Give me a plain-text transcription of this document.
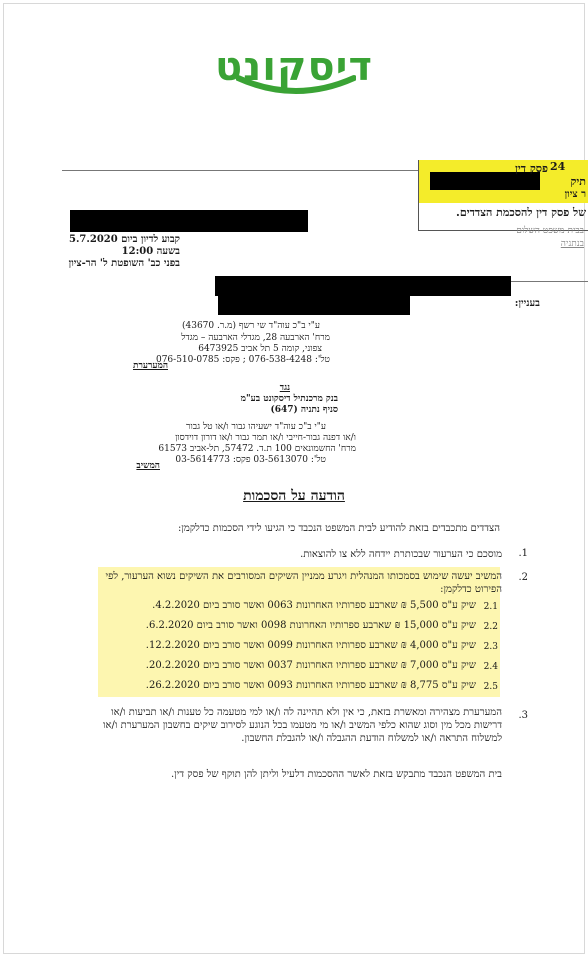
דיסקונט
24
פסק דין
תיק
ר ציון
של פסק דין להסכמת הצדדים.
בבית משפט השלום
בנתניה
קבוע לדיון ביום 5.7.2020
בשעה 12:00
בפני כב' השופטת ל' הר-ציון
בעניין:
ע"י ב"כ עוה"ד שי רשף (מ.ר. 43670)
מרח' הארבעה 28, מגדלי הארבעה – מגדל
צפוני, קומה 5 תל אביב 6473925
טל': 076-538-4248 ; פקס: 076-510-0785
המערערת
נגד
בנק מרכנתיל דיסקונט בע"מ
סניף נתניה (647)
ע"י ב"כ עוה"ד ישעיהו גבור ו/או טל גבור
ו/או דפנה גבור-חייבי ו/או תמר גבור ו/או דורון דוידסון
מרח' החשמונאים 100 ת.ד. 57472, תל-אביב 61573
טל': 03-5613070 פקס: 03-5614773
המשיב
הודעה על הסכמות
הצדדים מתכבדים בזאת להודיע לבית המשפט הנכבד כי הגיעו לידי הסכמות כדלקמן:
.1
מוסכם כי הערעור שבכותרת יידחה ללא צו להוצאות.
.2
המשיב יעשה שימוש בסמכותו המנהלית ויגרע ממניין השיקים המסורבים את השיקים נשוא הערעור, לפי הפירוט כדלקמן:
2.1
שיק ע"ס 5,500 ₪ שארבע ספרותיו האחרונות 0063 ואשר סורב ביום 4.2.2020.
2.2
שיק ע"ס 15,000 ₪ שארבע ספרותיו האחרונות 0098 ואשר סורב ביום 6.2.2020.
2.3
שיק ע"ס 4,000 ₪ שארבע ספרותיו האחרונות 0099 ואשר סורב ביום 12.2.2020.
2.4
שיק ע"ס 7,000 ₪ שארבע ספרותיו האחרונות 0037 ואשר סורב ביום 20.2.2020.
2.5
שיק ע"ס 8,775 ₪ שארבע ספרותיו האחרונות 0093 ואשר סורב ביום 26.2.2020.
.3
המערערת מצהירה ומאשרת בזאת, כי אין ולא תהיינה לה ו/או למי מטעמה כל טענות ו/או תביעות ו/או דרישות מכל מין וסוג שהוא כלפי המשיב ו/או מי מטעמו בכל הנוגע לסירוב שיקים בחשבון המערערת ו/או למשלוח התראה ו/או למשלוח הודעת ההגבלה ו/או להגבלת החשבון.
בית המשפט הנכבד מתבקש בזאת לאשר ההסכמות דלעיל וליתן להן תוקף של פסק דין.
